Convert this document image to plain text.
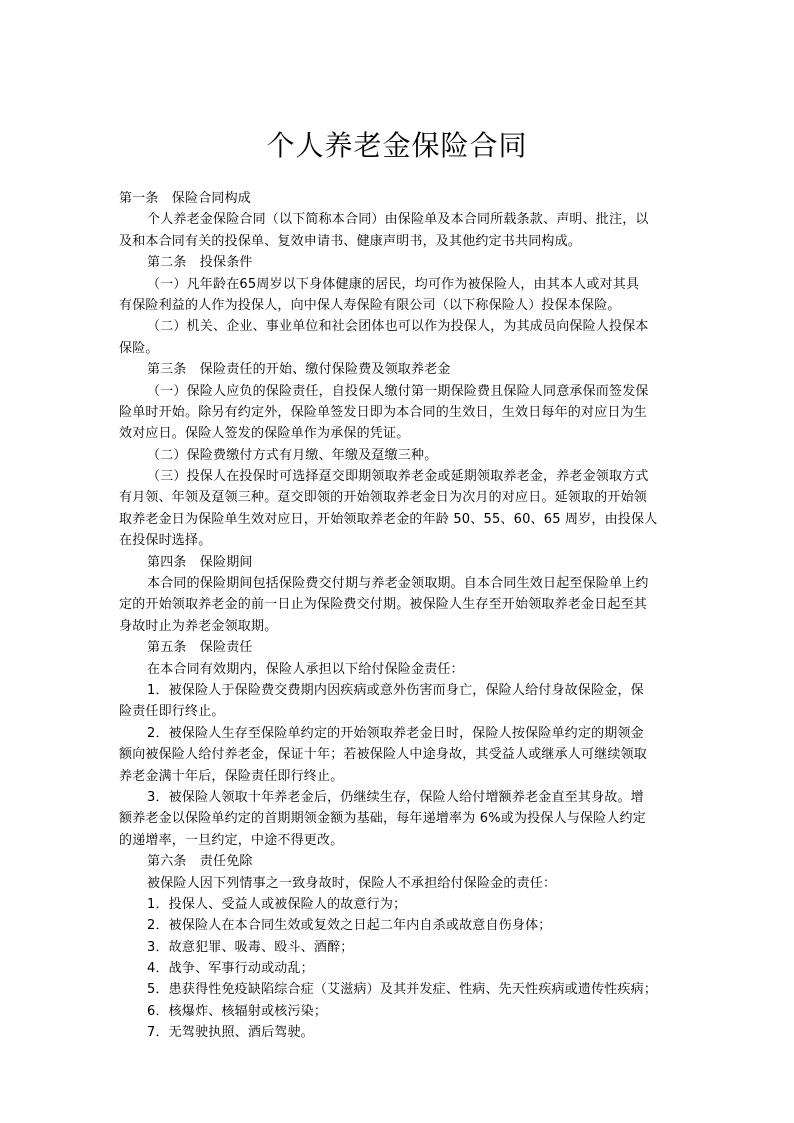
个人养老金保险合同
第一条　保险合同构成
个人养老金保险合同（以下简称本合同）由保险单及本合同所载条款、声明、批注，以
及和本合同有关的投保单、复效申请书、健康声明书，及其他约定书共同构成。
第二条　投保条件
（一）凡年龄在65周岁以下身体健康的居民，均可作为被保险人，由其本人或对其具
有保险利益的人作为投保人，向中保人寿保险有限公司（以下称保险人）投保本保险。
（二）机关、企业、事业单位和社会团体也可以作为投保人，为其成员向保险人投保本
保险。
第三条　保险责任的开始、缴付保险费及领取养老金
（一）保险人应负的保险责任，自投保人缴付第一期保险费且保险人同意承保而签发保
险单时开始。除另有约定外，保险单签发日即为本合同的生效日，生效日每年的对应日为生
效对应日。保险人签发的保险单作为承保的凭证。
（二）保险费缴付方式有月缴、年缴及趸缴三种。
（三）投保人在投保时可选择趸交即期领取养老金或延期领取养老金，养老金领取方式
有月领、年领及趸领三种。趸交即领的开始领取养老金日为次月的对应日。延领取的开始领
取养老金日为保险单生效对应日，开始领取养老金的年龄 50、55、60、65 周岁，由投保人
在投保时选择。
第四条　保险期间
本合同的保险期间包括保险费交付期与养老金领取期。自本合同生效日起至保险单上约
定的开始领取养老金的前一日止为保险费交付期。被保险人生存至开始领取养老金日起至其
身故时止为养老金领取期。
第五条　保险责任
在本合同有效期内，保险人承担以下给付保险金责任：
1．被保险人于保险费交费期内因疾病或意外伤害而身亡，保险人给付身故保险金，保
险责任即行终止。
2．被保险人生存至保险单约定的开始领取养老金日时，保险人按保险单约定的期领金
额向被保险人给付养老金，保证十年；若被保险人中途身故，其受益人或继承人可继续领取
养老金满十年后，保险责任即行终止。
3．被保险人领取十年养老金后，仍继续生存，保险人给付增额养老金直至其身故。增
额养老金以保险单约定的首期期领金额为基础，每年递增率为 6%或为投保人与保险人约定
的递增率，一旦约定，中途不得更改。
第六条　责任免除
被保险人因下列情事之一致身故时，保险人不承担给付保险金的责任：
1．投保人、受益人或被保险人的故意行为；
2．被保险人在本合同生效或复效之日起二年内自杀或故意自伤身体；
3．故意犯罪、吸毒、殴斗、酒醉；
4．战争、军事行动或动乱；
5．患获得性免疫缺陷综合症（艾滋病）及其并发症、性病、先天性疾病或遗传性疾病；
6．核爆炸、核辐射或核污染；
7．无驾驶执照、酒后驾驶。
